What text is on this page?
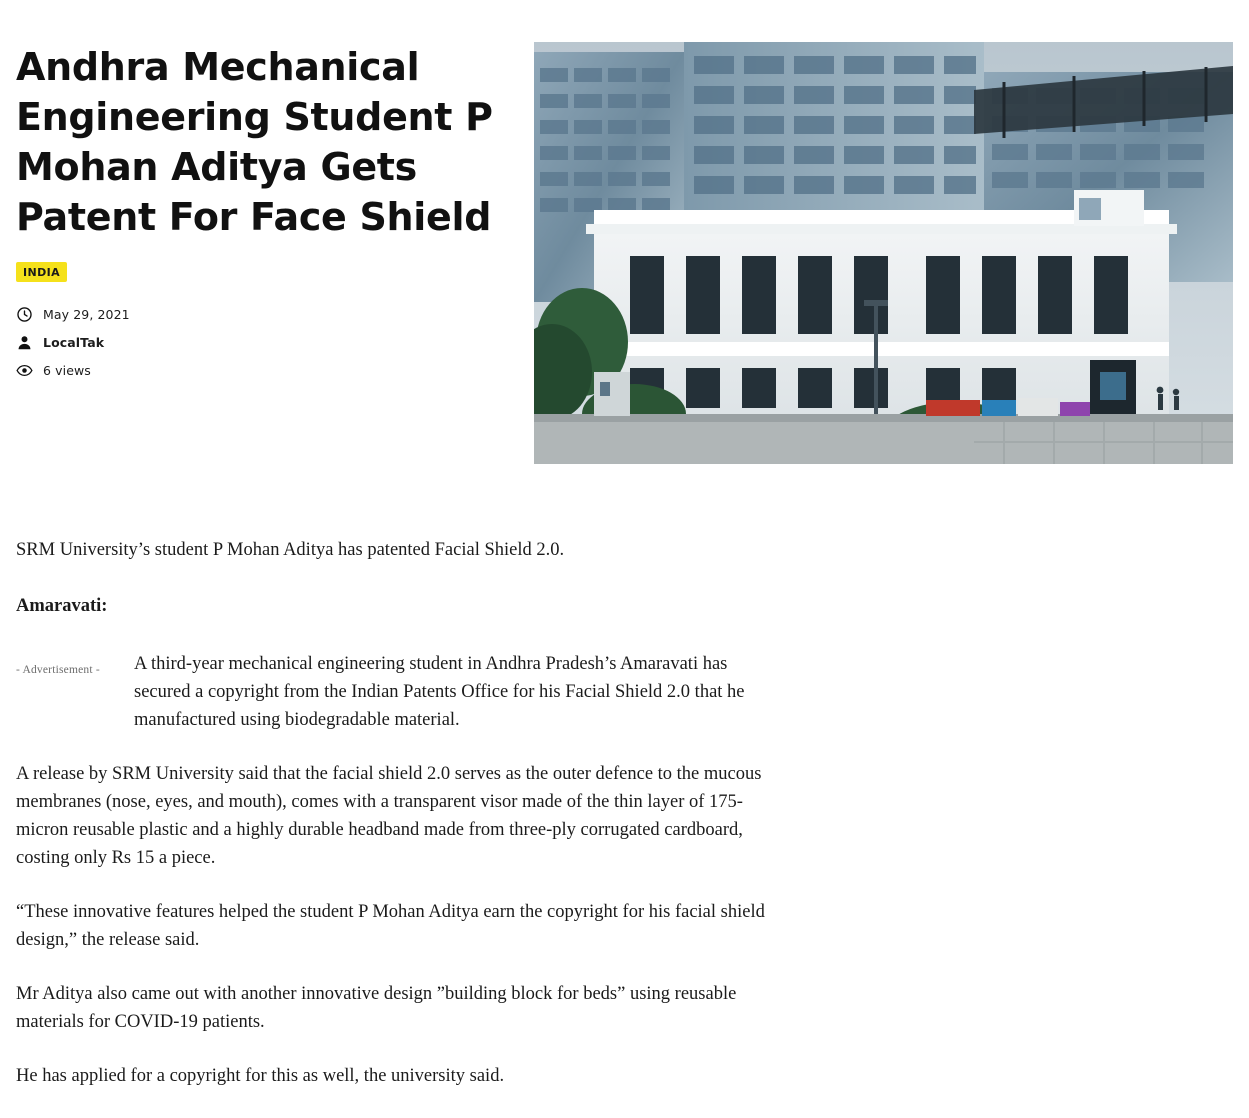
Andhra Mechanical Engineering Student P Mohan Aditya Gets Patent For Face Shield
INDIA
May 29, 2021
LocalTak
6 views

SRM University’s student P Mohan Aditya has patented Facial Shield 2.0.

Amaravati:

- Advertisement -	A third-year mechanical engineering student in Andhra Pradesh’s Amaravati has secured a copyright from the Indian Patents Office for his Facial Shield 2.0 that he manufactured using biodegradable material.

A release by SRM University said that the facial shield 2.0 serves as the outer defence to the mucous membranes (nose, eyes, and mouth), comes with a transparent visor made of the thin layer of 175-micron reusable plastic and a highly durable headband made from three-ply corrugated cardboard, costing only Rs 15 a piece.

“These innovative features helped the student P Mohan Aditya earn the copyright for his facial shield design,” the release said.

Mr Aditya also came out with another innovative design ”building block for beds” using reusable materials for COVID-19 patients.

He has applied for a copyright for this as well, the university said.
